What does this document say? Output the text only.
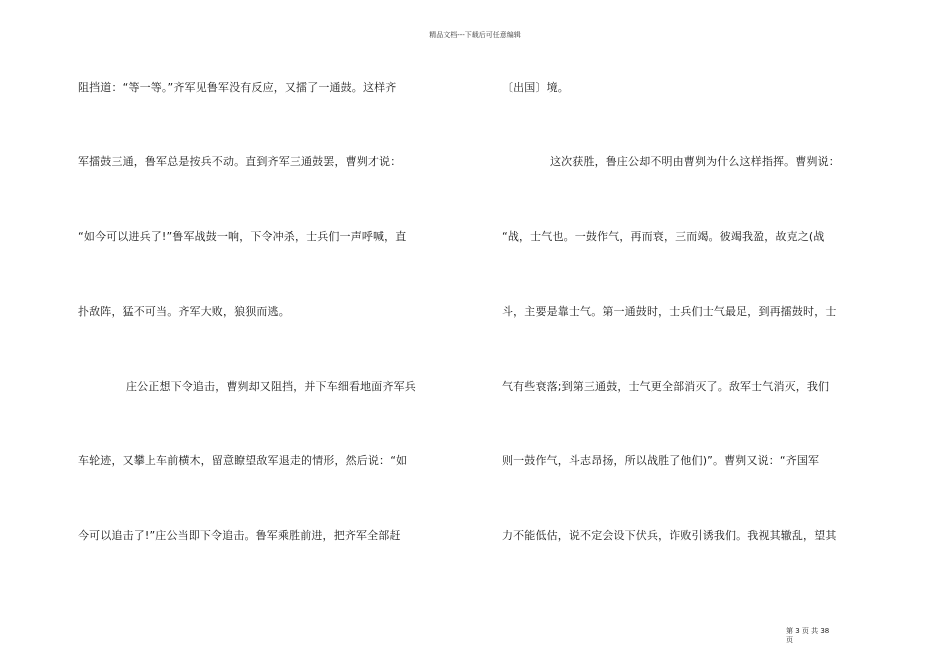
精品文档---下载后可任意编辑
阻挡道：“等一等。”齐军见鲁军没有反应，又擂了一通鼓。这样齐
军擂鼓三通，鲁军总是按兵不动。直到齐军三通鼓罢，曹刿才说：
“如今可以进兵了!”鲁军战鼓一响，下令冲杀，士兵们一声呼喊，直
扑敌阵，猛不可当。齐军大败，狼狈而逃。
庄公正想下令追击，曹刿却又阻挡，并下车细看地面齐军兵
车轮迹，又攀上车前横木，留意瞭望敌军退走的情形，然后说：“如
今可以追击了!”庄公当即下令追击。鲁军乘胜前进，把齐军全部赶
〔出国〕境。
这次获胜，鲁庄公却不明由曹刿为什么这样指挥。曹刿说：
“战，士气也。一鼓作气，再而衰，三而竭。彼竭我盈，故克之(战
斗，主要是靠士气。第一通鼓时，士兵们士气最足，到再擂鼓时，士
气有些衰落;到第三通鼓，士气更全部消灭了。敌军士气消灭，我们
则一鼓作气，斗志昂扬，所以战胜了他们)”。曹刿又说：“齐国军
力不能低估，说不定会设下伏兵，诈败引诱我们。我视其辙乱，望其
第 3 页 共 38 页
